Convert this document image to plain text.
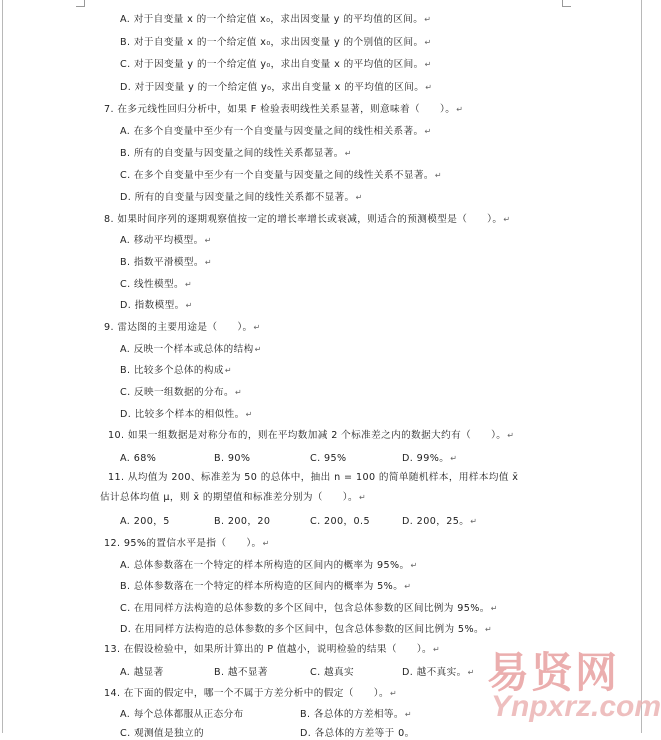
A. 对于自变量 x 的一个给定值 x₀，求出因变量 y 的平均值的区间。↵
B. 对于自变量 x 的一个给定值 x₀，求出因变量 y 的个别值的区间。↵
C. 对于因变量 y 的一个给定值 y₀，求出自变量 x 的平均值的区间。↵
D. 对于因变量 y 的一个给定值 y₀，求出自变量 x 的平均值的区间。↵
7. 在多元线性回归分析中，如果 F 检验表明线性关系显著，则意味着（　　）。↵
A. 在多个自变量中至少有一个自变量与因变量之间的线性相关系著。↵
B. 所有的自变量与因变量之间的线性关系都显著。↵
C. 在多个自变量中至少有一个自变量与因变量之间的线性关系不显著。↵
D. 所有的自变量与因变量之间的线性关系都不显著。↵
8. 如果时间序列的逐期观察值按一定的增长率增长或衰减，则适合的预测模型是（　　）。↵
A. 移动平均模型。↵
B. 指数平滑模型。↵
C. 线性模型。↵
D. 指数模型。↵
9. 雷达图的主要用途是（　　）。↵
A. 反映一个样本或总体的结构↵
B. 比较多个总体的构成↵
C. 反映一组数据的分布。↵
D. 比较多个样本的相似性。↵
10. 如果一组数据是对称分布的，则在平均数加减 2 个标准差之内的数据大约有（　　）。↵
A. 68%	B. 90%	C. 95%	D. 99%。↵
11. 从均值为 200、标准差为 50 的总体中，抽出 n = 100 的简单随机样本，用样本均值 x̄
估计总体均值 μ，则 x̄ 的期望值和标准差分别为（　　）。↵
A. 200，5	B. 200，20	C. 200，0.5	D. 200，25。↵
12. 95%的置信水平是指（　　）。↵
A. 总体参数落在一个特定的样本所构造的区间内的概率为 95%。↵
B. 总体参数落在一个特定的样本所构造的区间内的概率为 5%。↵
C. 在用同样方法构造的总体参数的多个区间中，包含总体参数的区间比例为 95%。↵
D. 在用同样方法构造的总体参数的多个区间中，包含总体参数的区间比例为 5%。↵
13. 在假设检验中，如果所计算出的 P 值越小，说明检验的结果（　　）。↵
A. 越显著	B. 越不显著	C. 越真实	D. 越不真实。↵
14. 在下面的假定中，哪一个不属于方差分析中的假定（　　）。↵
A. 每个总体都服从正态分布	B. 各总体的方差相等。↵
C. 观测值是独立的	D. 各总体的方差等于 0。
易贤网
Ynpxrz.com
